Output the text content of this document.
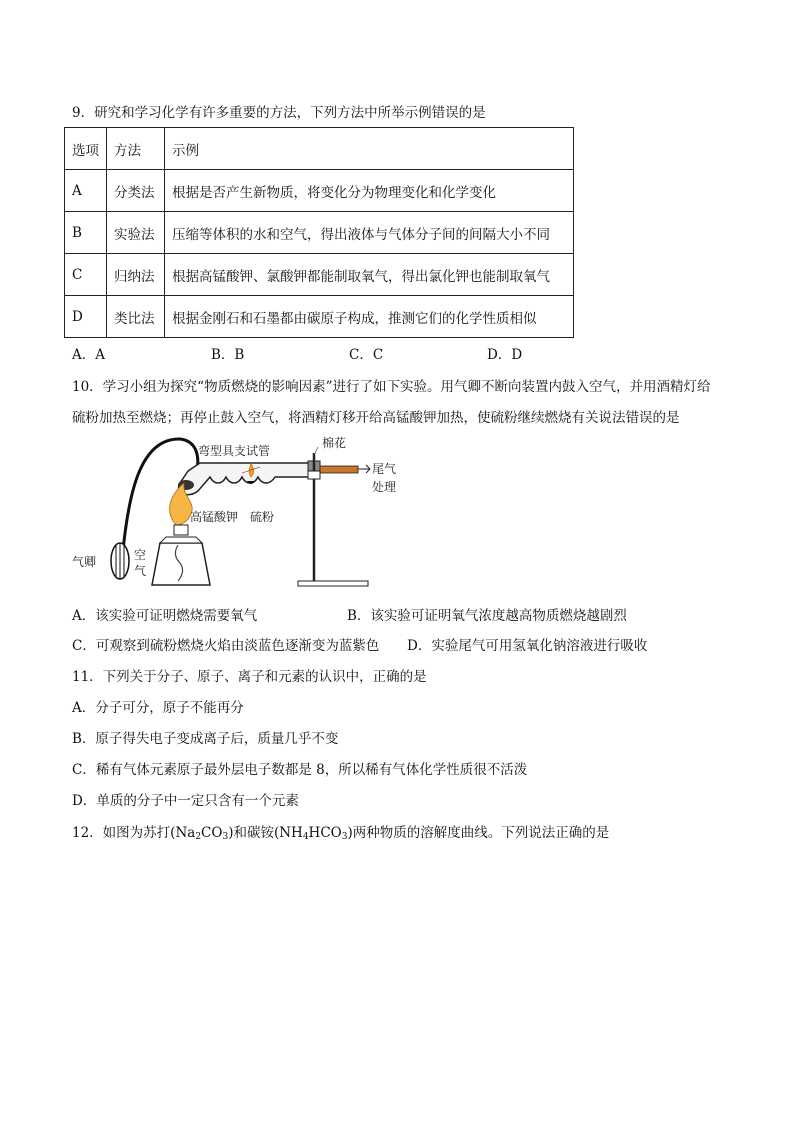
9．研究和学习化学有许多重要的方法，下列方法中所举示例错误的是
选项	方法	示例
A	分类法	根据是否产生新物质，将变化分为物理变化和化学变化
B	实验法	压缩等体积的水和空气，得出液体与气体分子间的间隔大小不同
C	归纳法	根据高锰酸钾、氯酸钾都能制取氧气，得出氯化钾也能制取氧气
D	类比法	根据金刚石和石墨都由碳原子构成，推测它们的化学性质相似
A．A	B．B	C．C	D．D
10．学习小组为探究“物质燃烧的影响因素”进行了如下实验。用气卿不断向装置内鼓入空气，并用酒精灯给
硫粉加热至燃烧；再停止鼓入空气，将酒精灯移开给高锰酸钾加热，使硫粉继续燃烧有关说法错误的是
弯型具支试管
棉花
尾气
处理
高锰酸钾 硫粉
气卿	空
气
A．该实验可证明燃烧需要氧气	B．该实验可证明氧气浓度越高物质燃烧越剧烈
C．可观察到硫粉燃烧火焰由淡蓝色逐渐变为蓝紫色 D．实验尾气可用氢氧化钠溶液进行吸收
11．下列关于分子、原子、离子和元素的认识中，正确的是
A．分子可分，原子不能再分
B．原子得失电子变成离子后，质量几乎不变
C．稀有气体元素原子最外层电子数都是 8，所以稀有气体化学性质很不活泼
D．单质的分子中一定只含有一个元素
12．如图为苏打$(Na_2CO_3)$和碳铵$(NH_4HCO_3)$两种物质的溶解度曲线。下列说法正确的是
